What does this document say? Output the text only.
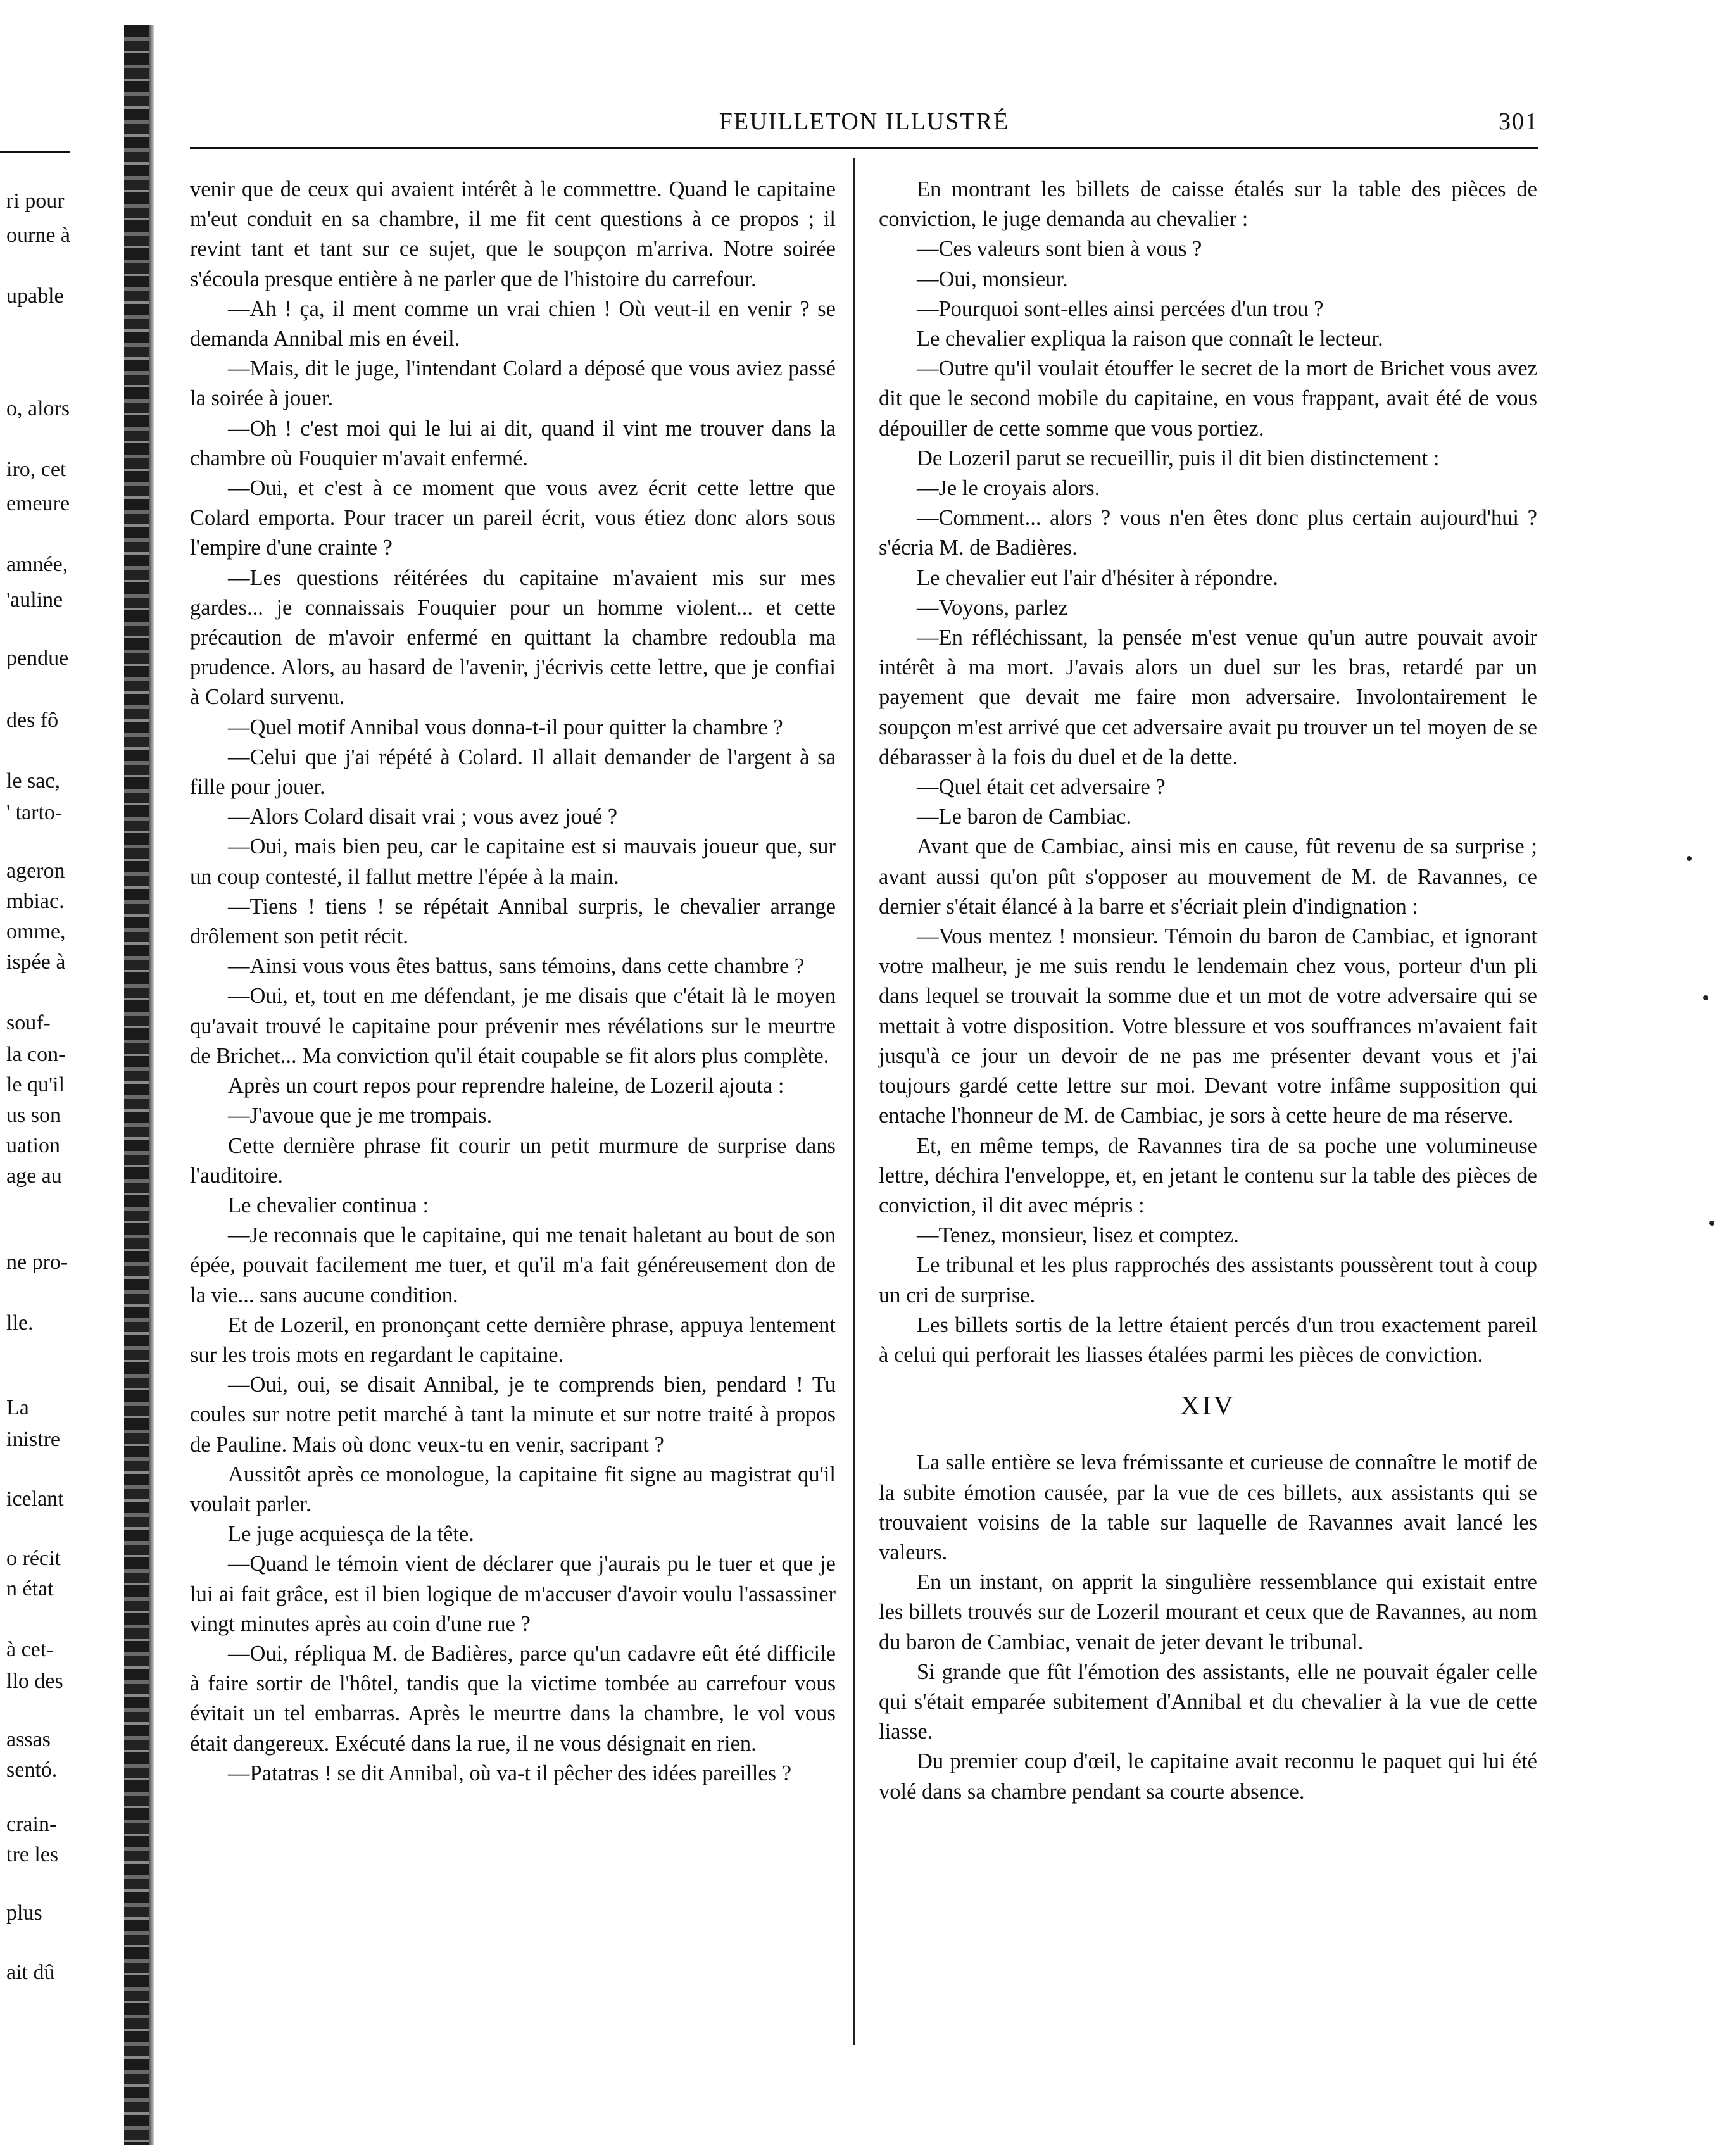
ri pour
ourne à
upable
o, alors
iro, cet
emeure
amnée,
'auline
pendue
des fô
le sac,
' tarto-
ageron
mbiac.
omme,
ispée à
souf-
la con-
le qu'il
us son
uation
age au
ne pro-
lle.
La
inistre
icelant
o récit
n état
à cet-
llo des
assas
sentó.
crain-
tre les
plus
ait dû
FEUILLETON ILLUSTRÉ	301

venir que de ceux qui avaient intérêt à le commettre. Quand le capitaine m'eut conduit en sa chambre, il me fit cent questions à ce propos ; il revint tant et tant sur ce sujet, que le soupçon m'arriva. Notre soirée s'écoula presque entière à ne parler que de l'histoire du carrefour.

—Ah ! ça, il ment comme un vrai chien ! Où veut-il en venir ? se demanda Annibal mis en éveil.

—Mais, dit le juge, l'intendant Colard a déposé que vous aviez passé la soirée à jouer.

—Oh ! c'est moi qui le lui ai dit, quand il vint me trouver dans la chambre où Fouquier m'avait enfermé.

—Oui, et c'est à ce moment que vous avez écrit cette lettre que Colard emporta. Pour tracer un pareil écrit, vous étiez donc alors sous l'empire d'une crainte ?

—Les questions réitérées du capitaine m'avaient mis sur mes gardes... je connaissais Fouquier pour un homme violent... et cette précaution de m'avoir enfermé en quittant la chambre redoubla ma prudence. Alors, au hasard de l'avenir, j'écrivis cette lettre, que je confiai à Colard survenu.

—Quel motif Annibal vous donna-t-il pour quitter la chambre ?

—Celui que j'ai répété à Colard. Il allait demander de l'argent à sa fille pour jouer.

—Alors Colard disait vrai ; vous avez joué ?

—Oui, mais bien peu, car le capitaine est si mauvais joueur que, sur un coup contesté, il fallut mettre l'épée à la main.

—Tiens ! tiens ! se répétait Annibal surpris, le chevalier arrange drôlement son petit récit.

—Ainsi vous vous êtes battus, sans témoins, dans cette chambre ?

—Oui, et, tout en me défendant, je me disais que c'était là le moyen qu'avait trouvé le capitaine pour prévenir mes révélations sur le meurtre de Brichet... Ma conviction qu'il était coupable se fit alors plus complète.

Après un court repos pour reprendre haleine, de Lozeril ajouta :

—J'avoue que je me trompais.

Cette dernière phrase fit courir un petit murmure de surprise dans l'auditoire.

Le chevalier continua :

—Je reconnais que le capitaine, qui me tenait haletant au bout de son épée, pouvait facilement me tuer, et qu'il m'a fait généreusement don de la vie... sans aucune condition.

Et de Lozeril, en prononçant cette dernière phrase, appuya lentement sur les trois mots en regardant le capitaine.

—Oui, oui, se disait Annibal, je te comprends bien, pendard ! Tu coules sur notre petit marché à tant la minute et sur notre traité à propos de Pauline. Mais où donc veux-tu en venir, sacripant ?

Aussitôt après ce monologue, la capitaine fit signe au magistrat qu'il voulait parler.

Le juge acquiesça de la tête.

—Quand le témoin vient de déclarer que j'aurais pu le tuer et que je lui ai fait grâce, est il bien logique de m'accuser d'avoir voulu l'assassiner vingt minutes après au coin d'une rue ?

—Oui, répliqua M. de Badières, parce qu'un cadavre eût été difficile à faire sortir de l'hôtel, tandis que la victime tombée au carrefour vous évitait un tel embarras. Après le meurtre dans la chambre, le vol vous était dangereux. Exécuté dans la rue, il ne vous désignait en rien.

—Patatras ! se dit Annibal, où va-t il pêcher des idées pareilles ?

En montrant les billets de caisse étalés sur la table des pièces de conviction, le juge demanda au chevalier :

—Ces valeurs sont bien à vous ?

—Oui, monsieur.

—Pourquoi sont-elles ainsi percées d'un trou ?

Le chevalier expliqua la raison que connaît le lecteur.

—Outre qu'il voulait étouffer le secret de la mort de Brichet vous avez dit que le second mobile du capitaine, en vous frappant, avait été de vous dépouiller de cette somme que vous portiez.

De Lozeril parut se recueillir, puis il dit bien distinctement :

—Je le croyais alors.

—Comment... alors ? vous n'en êtes donc plus certain aujourd'hui ? s'écria M. de Badières.

Le chevalier eut l'air d'hésiter à répondre.

—Voyons, parlez

—En réfléchissant, la pensée m'est venue qu'un autre pouvait avoir intérêt à ma mort. J'avais alors un duel sur les bras, retardé par un payement que devait me faire mon adversaire. Involontairement le soupçon m'est arrivé que cet adversaire avait pu trouver un tel moyen de se débarasser à la fois du duel et de la dette.

—Quel était cet adversaire ?

—Le baron de Cambiac.

Avant que de Cambiac, ainsi mis en cause, fût revenu de sa surprise ; avant aussi qu'on pût s'opposer au mouvement de M. de Ravannes, ce dernier s'était élancé à la barre et s'écriait plein d'indignation :

—Vous mentez ! monsieur. Témoin du baron de Cambiac, et ignorant votre malheur, je me suis rendu le lendemain chez vous, porteur d'un pli dans lequel se trouvait la somme due et un mot de votre adversaire qui se mettait à votre disposition. Votre blessure et vos souffrances m'avaient fait jusqu'à ce jour un devoir de ne pas me présenter devant vous et j'ai toujours gardé cette lettre sur moi. Devant votre infâme supposition qui entache l'honneur de M. de Cambiac, je sors à cette heure de ma réserve.

Et, en même temps, de Ravannes tira de sa poche une volumineuse lettre, déchira l'enveloppe, et, en jetant le contenu sur la table des pièces de conviction, il dit avec mépris :

—Tenez, monsieur, lisez et comptez.

Le tribunal et les plus rapprochés des assistants poussèrent tout à coup un cri de surprise.

Les billets sortis de la lettre étaient percés d'un trou exactement pareil à celui qui perforait les liasses étalées parmi les pièces de conviction.

XIV

La salle entière se leva frémissante et curieuse de connaître le motif de la subite émotion causée, par la vue de ces billets, aux assistants qui se trouvaient voisins de la table sur laquelle de Ravannes avait lancé les valeurs.

En un instant, on apprit la singulière ressemblance qui existait entre les billets trouvés sur de Lozeril mourant et ceux que de Ravannes, au nom du baron de Cambiac, venait de jeter devant le tribunal.

Si grande que fût l'émotion des assistants, elle ne pouvait égaler celle qui s'était emparée subitement d'Annibal et du chevalier à la vue de cette liasse.

Du premier coup d'œil, le capitaine avait reconnu le paquet qui lui été volé dans sa chambre pendant sa courte absence.
